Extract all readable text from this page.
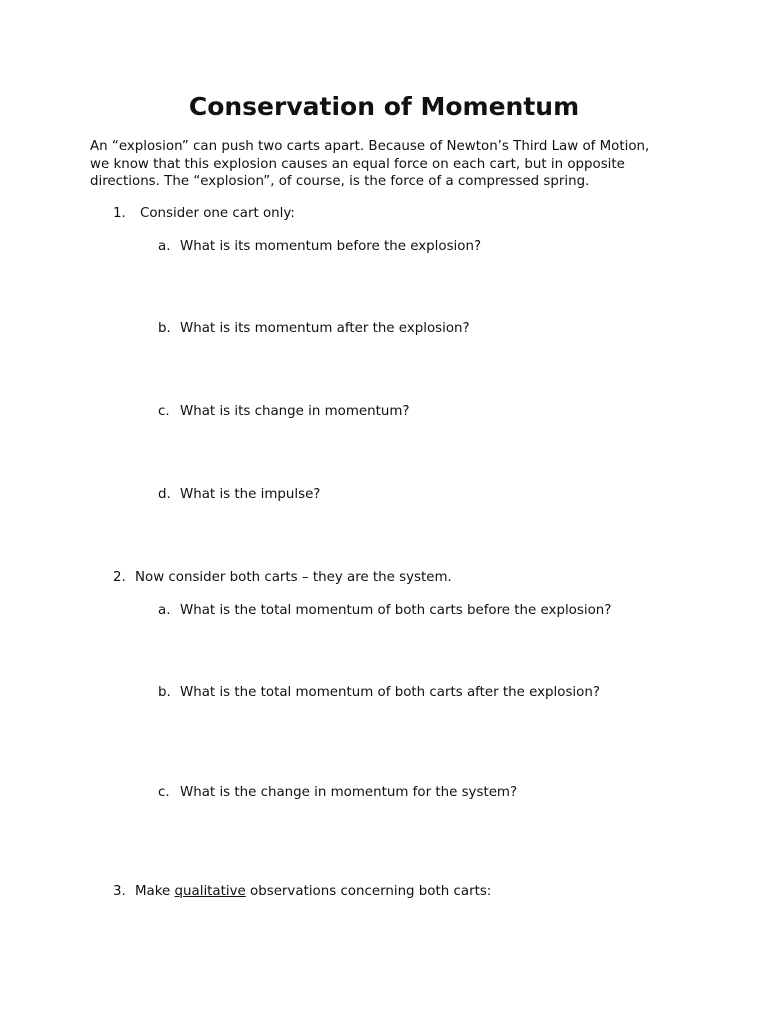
Conservation of Momentum
An “explosion” can push two carts apart. Because of Newton’s Third Law of Motion,
we know that this explosion causes an equal force on each cart, but in opposite
directions. The “explosion”, of course, is the force of a compressed spring.
1. Consider one cart only:
a. What is its momentum before the explosion?
b. What is its momentum after the explosion?
c. What is its change in momentum?
d. What is the impulse?
2. Now consider both carts – they are the system.
a. What is the total momentum of both carts before the explosion?
b. What is the total momentum of both carts after the explosion?
c. What is the change in momentum for the system?
3. Make qualitative observations concerning both carts:
